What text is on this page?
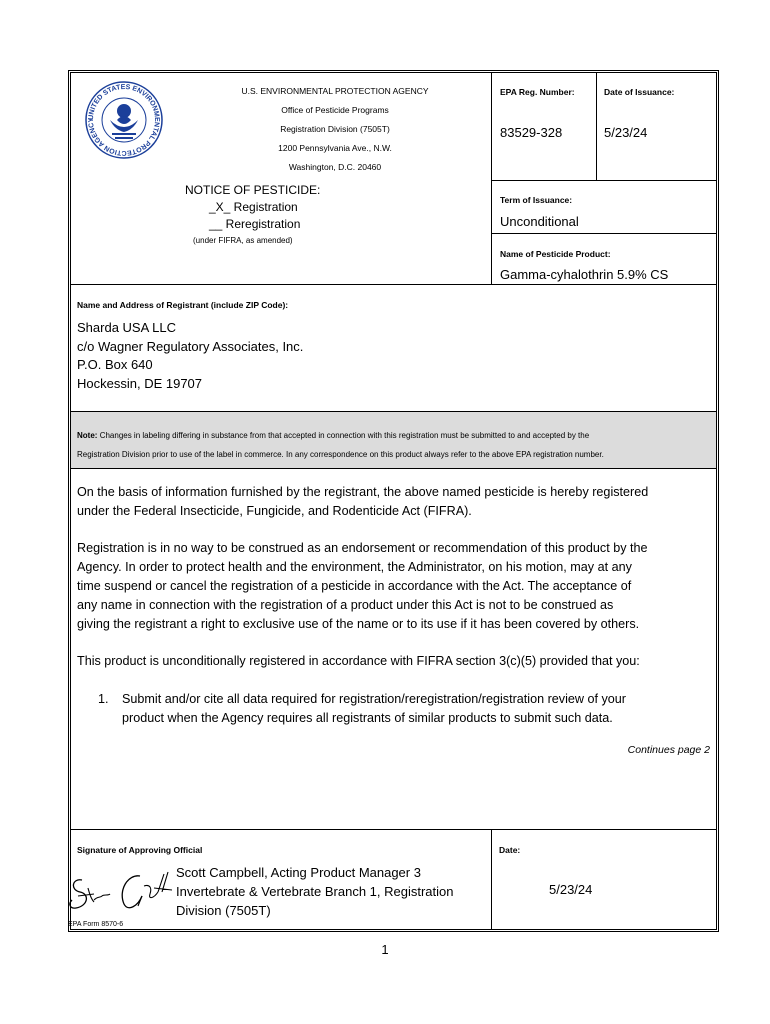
UNITED STATES ENVIRONMENTAL PROTECTION AGENCY
U.S. ENVIRONMENTAL PROTECTION AGENCY
Office of Pesticide Programs
Registration Division (7505T)
1200 Pennsylvania Ave., N.W.
Washington, D.C. 20460
NOTICE OF PESTICIDE:
_X_ Registration
__ Reregistration
(under FIFRA, as amended)
EPA Reg. Number:
83529-328
Date of Issuance:
5/23/24
Term of Issuance:
Unconditional
Name of Pesticide Product:
Gamma-cyhalothrin 5.9% CS
Name and Address of Registrant (include ZIP Code):
Sharda USA LLC
c/o Wagner Regulatory Associates, Inc.
P.O. Box 640
Hockessin, DE 19707
Note: Changes in labeling differing in substance from that accepted in connection with this registration must be submitted to and accepted by the
Registration Division prior to use of the label in commerce. In any correspondence on this product always refer to the above EPA registration number.
On the basis of information furnished by the registrant, the above named pesticide is hereby registered
under the Federal Insecticide, Fungicide, and Rodenticide Act (FIFRA).
Registration is in no way to be construed as an endorsement or recommendation of this product by the
Agency. In order to protect health and the environment, the Administrator, on his motion, may at any
time suspend or cancel the registration of a pesticide in accordance with the Act. The acceptance of
any name in connection with the registration of a product under this Act is not to be construed as
giving the registrant a right to exclusive use of the name or to its use if it has been covered by others.
This product is unconditionally registered in accordance with FIFRA section 3(c)(5) provided that you:
1. Submit and/or cite all data required for registration/reregistration/registration review of your
product when the Agency requires all registrants of similar products to submit such data.
Continues page 2
Signature of Approving Official	Date:
Scott Campbell, Acting Product Manager 3
Invertebrate & Vertebrate Branch 1, Registration
Division (7505T)
5/23/24
EPA Form 8570-6
1
